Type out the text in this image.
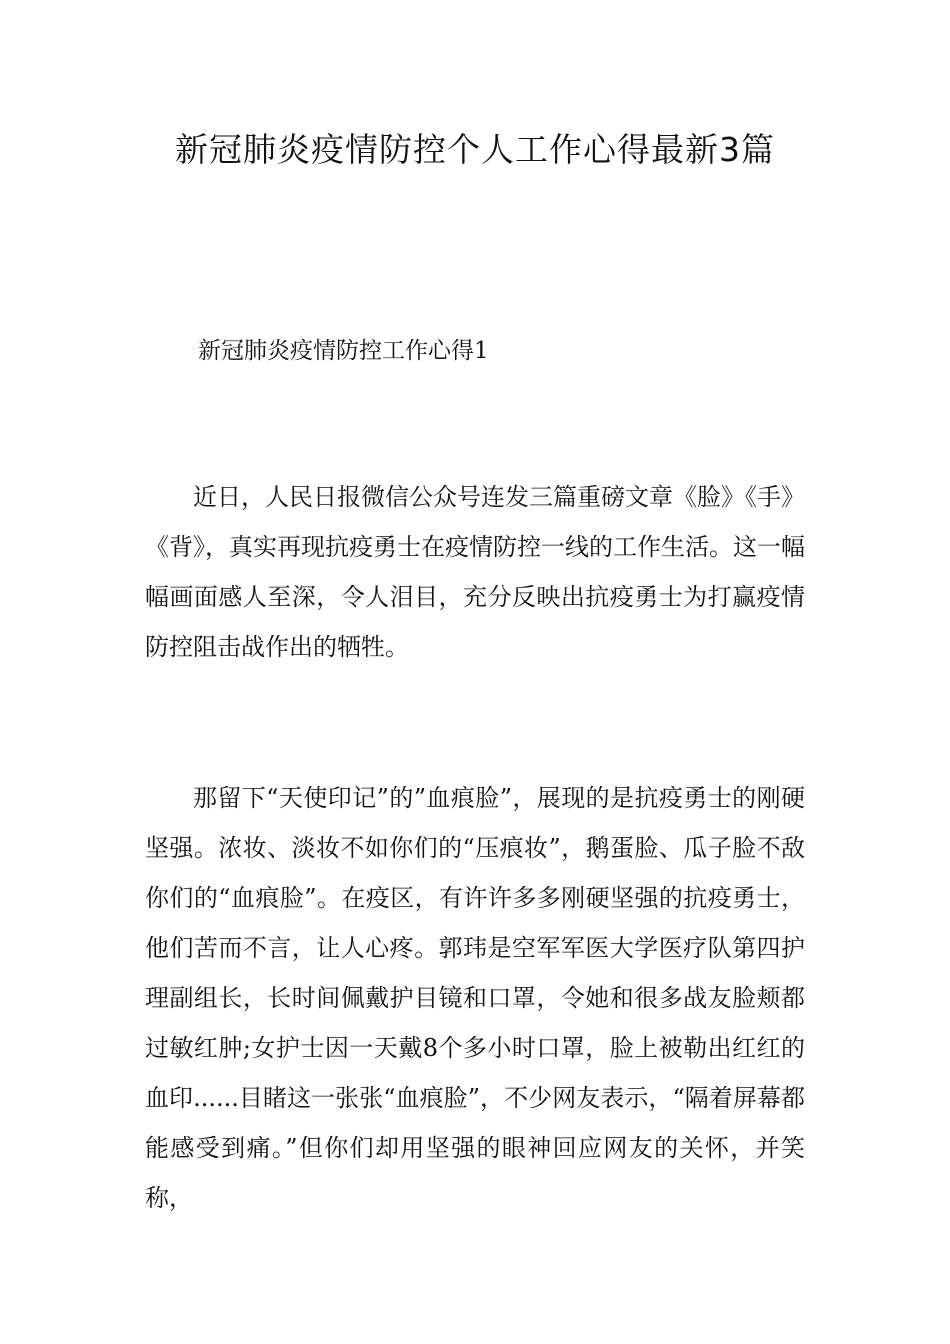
新冠肺炎疫情防控个人工作心得最新3篇
新冠肺炎疫情防控工作心得1

近日，人民日报微信公众号连发三篇重磅文章《脸》《手》《背》，真实再现抗疫勇士在疫情防控一线的工作生活。这一幅幅画面感人至深，令人泪目，充分反映出抗疫勇士为打赢疫情防控阻击战作出的牺牲。

那留下“天使印记”的”血痕脸”，展现的是抗疫勇士的刚硬坚强。浓妆、淡妆不如你们的“压痕妆”，鹅蛋脸、瓜子脸不敌你们的“血痕脸”。在疫区，有许许多多刚硬坚强的抗疫勇士，他们苦而不言，让人心疼。郭玮是空军军医大学医疗队第四护理副组长，长时间佩戴护目镜和口罩，令她和很多战友脸颊都过敏红肿;女护士因一天戴8个多小时口罩，脸上被勒出红红的血印......目睹这一张张“血痕脸”，不少网友表示，“隔着屏幕都能感受到痛。”但你们却用坚强的眼神回应网友的关怀，并笑称，
